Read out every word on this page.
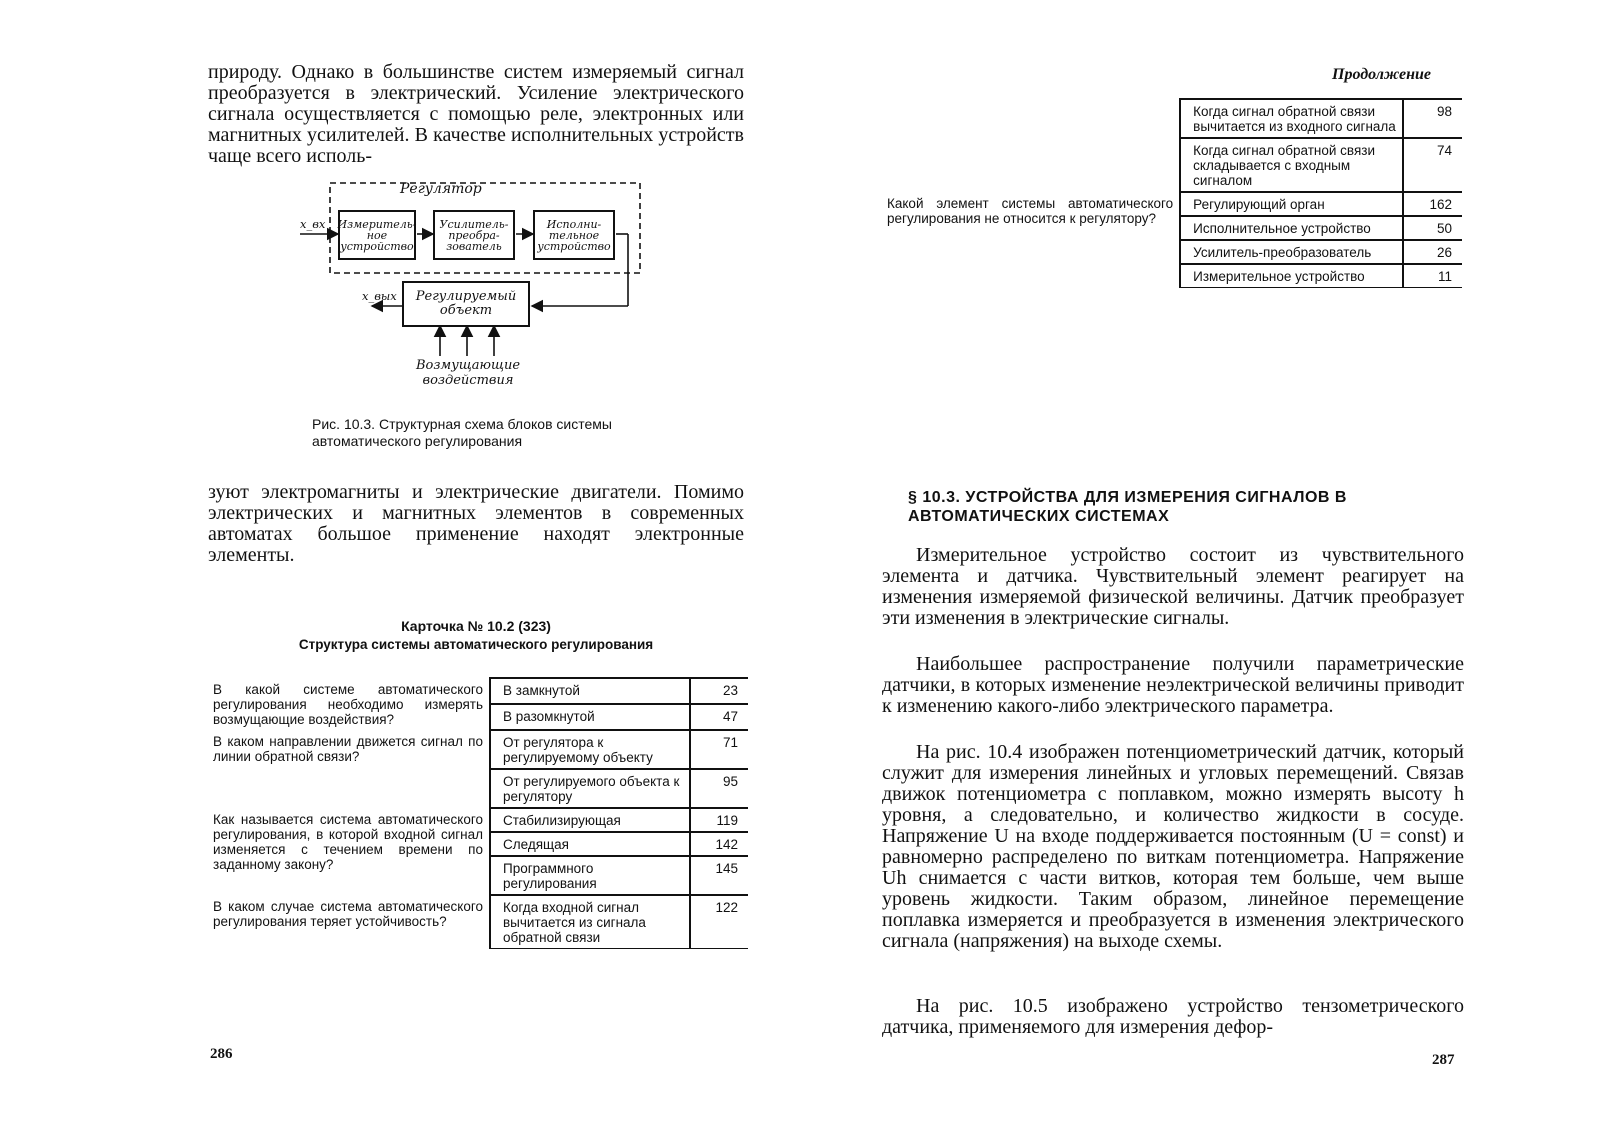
природу. Однако в большинстве систем измеряемый сигнал преобразуется в электрический. Усиление электрического сигнала осуществляется с помощью реле, электронных или магнитных усилителей. В качестве исполнительных устройств чаще всего исполь-

Регулятор
x_вх Измеритель-ное устройство
Усилитель-преобра-зователь
Исполни-тельное устройство
Регулируемый объект
x_вых
Возмущающие воздействия
Рис. 10.3. Структурная схема блоков системы автоматического регулирования

зуют электромагниты и электрические двигатели. Помимо электрических и магнитных элементов в современных автоматах большое применение находят электронные элементы.

Карточка № 10.2 (323)
Структура системы автоматического регулирования
В какой системе автоматического регулирования необходимо измерять возмущающие воздействия?	В замкнутой	23
	В разомкнутой	47
В каком направлении движется сигнал по линии обратной связи?	От регулятора к регулируемому объекту	71
	От регулируемого объекта к регулятору	95
Как называется система автоматического регулирования, в которой входной сигнал изменяется с течением времени по заданному закону?	Стабилизирующая	119
	Следящая	142
	Программного регулирования	145
В каком случае система автоматического регулирования теряет устойчивость?	Когда входной сигнал вычитается из сигнала обратной связи	122
286
Продолжение
	Когда сигнал обратной связи вычитается из входного сигнала	98
	Когда сигнал обратной связи складывается с входным сигналом	74
Какой элемент системы автоматического регулирования не относится к регулятору?	Регулирующий орган	162
	Исполнительное устройство	50
	Усилитель-преобразователь	26
	Измерительное устройство	11
§ 10.3. УСТРОЙСТВА ДЛЯ ИЗМЕРЕНИЯ СИГНАЛОВ В АВТОМАТИЧЕСКИХ СИСТЕМАХ

Измерительное устройство состоит из чувствительного элемента и датчика. Чувствительный элемент реагирует на изменения измеряемой физической величины. Датчик преобразует эти изменения в электрические сигналы.

Наибольшее распространение получили параметрические датчики, в которых изменение неэлектрической величины приводит к изменению какого-либо электрического параметра.

На рис. 10.4 изображен потенциометрический датчик, который служит для измерения линейных и угловых перемещений. Связав движок потенциометра с поплавком, можно измерять высоту h уровня, а следовательно, и количество жидкости в сосуде. Напряжение U на входе поддерживается постоянным (U = const) и равномерно распределено по виткам потенциометра. Напряжение Uh снимается с части витков, которая тем больше, чем выше уровень жидкости. Таким образом, линейное перемещение поплавка измеряется и преобразуется в изменения электрического сигнала (напряжения) на выходе схемы.

На рис. 10.5 изображено устройство тензометрического датчика, применяемого для измерения дефор-

287
